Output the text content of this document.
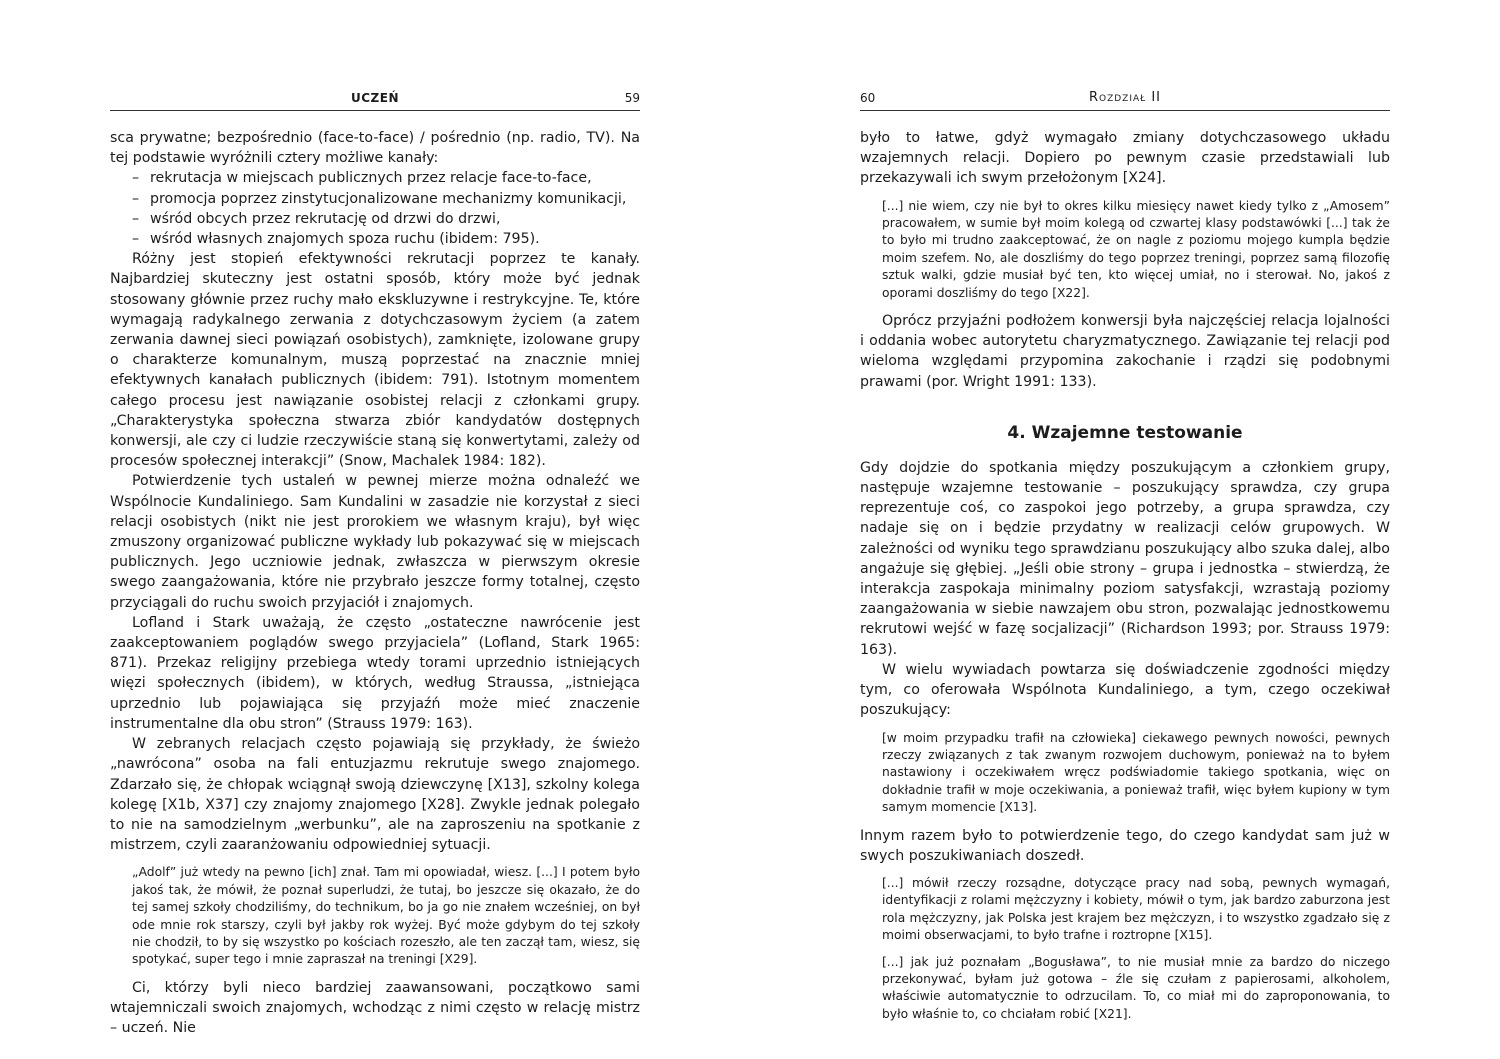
UCZEŃ	59

sca prywatne; bezpośrednio (face-to-face) / pośrednio (np. radio, TV). Na tej podstawie wyróżnili cztery możliwe kanały:

– rekrutacja w miejscach publicznych przez relacje face-to-face,
– promocja poprzez zinstytucjonalizowane mechanizmy komunikacji,
– wśród obcych przez rekrutację od drzwi do drzwi,
– wśród własnych znajomych spoza ruchu (ibidem: 795).

Różny jest stopień efektywności rekrutacji poprzez te kanały. Najbardziej skuteczny jest ostatni sposób, który może być jednak stosowany głównie przez ruchy mało ekskluzywne i restrykcyjne. Te, które wymagają radykalnego zerwania z dotychczasowym życiem (a zatem zerwania dawnej sieci powiązań osobistych), zamknięte, izolowane grupy o charakterze komunalnym, muszą poprzestać na znacznie mniej efektywnych kanałach publicznych (ibidem: 791). Istotnym momentem całego procesu jest nawiązanie osobistej relacji z członkami grupy. „Charakterystyka społeczna stwarza zbiór kandydatów dostępnych konwersji, ale czy ci ludzie rzeczywiście staną się konwertytami, zależy od procesów społecznej interakcji” (Snow, Machalek 1984: 182).

Potwierdzenie tych ustaleń w pewnej mierze można odnaleźć we Wspólnocie Kundaliniego. Sam Kundalini w zasadzie nie korzystał z sieci relacji osobistych (nikt nie jest prorokiem we własnym kraju), był więc zmuszony organizować publiczne wykłady lub pokazywać się w miejscach publicznych. Jego uczniowie jednak, zwłaszcza w pierwszym okresie swego zaangażowania, które nie przybrało jeszcze formy totalnej, często przyciągali do ruchu swoich przyjaciół i znajomych.

Lofland i Stark uważają, że często „ostateczne nawrócenie jest zaakceptowaniem poglądów swego przyjaciela” (Lofland, Stark 1965: 871). Przekaz religijny przebiega wtedy torami uprzednio istniejących więzi społecznych (ibidem), w których, według Straussa, „istniejąca uprzednio lub pojawiająca się przyjaźń może mieć znaczenie instrumentalne dla obu stron” (Strauss 1979: 163).

W zebranych relacjach często pojawiają się przykłady, że świeżo „nawrócona” osoba na fali entuzjazmu rekrutuje swego znajomego. Zdarzało się, że chłopak wciągnął swoją dziewczynę [X13], szkolny kolega kolegę [X1b, X37] czy znajomy znajomego [X28]. Zwykle jednak polegało to nie na samodzielnym „werbunku”, ale na zaproszeniu na spotkanie z mistrzem, czyli zaaranżowaniu odpowiedniej sytuacji.

„Adolf” już wtedy na pewno [ich] znał. Tam mi opowiadał, wiesz. [...] I potem było jakoś tak, że mówił, że poznał superludzi, że tutaj, bo jeszcze się okazało, że do tej samej szkoły chodziliśmy, do technikum, bo ja go nie znałem wcześniej, on był ode mnie rok starszy, czyli był jakby rok wyżej. Być może gdybym do tej szkoły nie chodził, to by się wszystko po kościach rozeszło, ale ten zaczął tam, wiesz, się spotykać, super tego i mnie zapraszał na treningi [X29].

Ci, którzy byli nieco bardziej zaawansowani, początkowo sami wtajemniczali swoich znajomych, wchodząc z nimi często w relację mistrz – uczeń. Nie

60	Rozdział II

było to łatwe, gdyż wymagało zmiany dotychczasowego układu wzajemnych relacji. Dopiero po pewnym czasie przedstawiali lub przekazywali ich swym przełożonym [X24].

[...] nie wiem, czy nie był to okres kilku miesięcy nawet kiedy tylko z „Amosem” pracowałem, w sumie był moim kolegą od czwartej klasy podstawówki [...] tak że to było mi trudno zaakceptować, że on nagle z poziomu mojego kumpla będzie moim szefem. No, ale doszliśmy do tego poprzez treningi, poprzez samą filozofię sztuk walki, gdzie musiał być ten, kto więcej umiał, no i sterował. No, jakoś z oporami doszliśmy do tego [X22].

Oprócz przyjaźni podłożem konwersji była najczęściej relacja lojalności i oddania wobec autorytetu charyzmatycznego. Zawiązanie tej relacji pod wieloma względami przypomina zakochanie i rządzi się podobnymi prawami (por. Wright 1991: 133).

4. Wzajemne testowanie

Gdy dojdzie do spotkania między poszukującym a członkiem grupy, następuje wzajemne testowanie – poszukujący sprawdza, czy grupa reprezentuje coś, co zaspokoi jego potrzeby, a grupa sprawdza, czy nadaje się on i będzie przydatny w realizacji celów grupowych. W zależności od wyniku tego sprawdzianu poszukujący albo szuka dalej, albo angażuje się głębiej. „Jeśli obie strony – grupa i jednostka – stwierdzą, że interakcja zaspokaja minimalny poziom satysfakcji, wzrastają poziomy zaangażowania w siebie nawzajem obu stron, pozwalając jednostkowemu rekrutowi wejść w fazę socjalizacji” (Richardson 1993; por. Strauss 1979: 163).

W wielu wywiadach powtarza się doświadczenie zgodności między tym, co oferowała Wspólnota Kundaliniego, a tym, czego oczekiwał poszukujący:

[w moim przypadku trafił na człowieka] ciekawego pewnych nowości, pewnych rzeczy związanych z tak zwanym rozwojem duchowym, ponieważ na to byłem nastawiony i oczekiwałem wręcz podświadomie takiego spotkania, więc on dokładnie trafił w moje oczekiwania, a ponieważ trafił, więc byłem kupiony w tym samym momencie [X13].

Innym razem było to potwierdzenie tego, do czego kandydat sam już w swych poszukiwaniach doszedł.

[...] mówił rzeczy rozsądne, dotyczące pracy nad sobą, pewnych wymagań, identyfikacji z rolami mężczyzny i kobiety, mówił o tym, jak bardzo zaburzona jest rola mężczyzny, jak Polska jest krajem bez mężczyzn, i to wszystko zgadzało się z moimi obserwacjami, to było trafne i roztropne [X15].

[...] jak już poznałam „Bogusława”, to nie musiał mnie za bardzo do niczego przekonywać, byłam już gotowa – źle się czułam z papierosami, alkoholem, właściwie automatycznie to odrzucilam. To, co miał mi do zaproponowania, to było właśnie to, co chciałam robić [X21].
